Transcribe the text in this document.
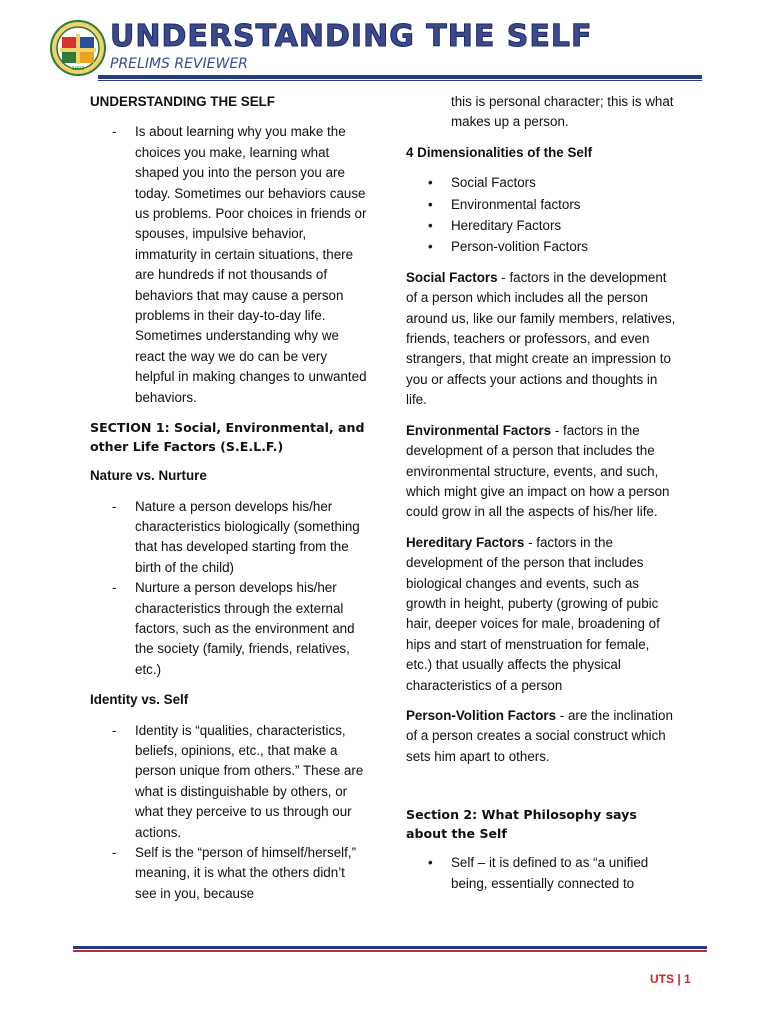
1993
UNDERSTANDING THE SELF
PRELIMS REVIEWER
UNDERSTANDING THE SELF
- Is about learning why you make the choices you make, learning what shaped you into the person you are today. Sometimes our behaviors cause us problems. Poor choices in friends or spouses, impulsive behavior, immaturity in certain situations, there are hundreds if not thousands of behaviors that may cause a person problems in their day-to-day life. Sometimes understanding why we react the way we do can be very helpful in making changes to unwanted behaviors.
SECTION 1: Social, Environmental, and other Life Factors (S.E.L.F.)
Nature vs. Nurture
- Nature a person develops his/her characteristics biologically (something that has developed starting from the birth of the child)
- Nurture a person develops his/her characteristics through the external factors, such as the environment and the society (family, friends, relatives, etc.)
Identity vs. Self
- Identity is “qualities, characteristics, beliefs, opinions, etc., that make a person unique from others.” These are what is distinguishable by others, or what they perceive to us through our actions.
- Self is the “person of himself/herself,” meaning, it is what the others didn’t see in you, because
this is personal character; this is what makes up a person.
4 Dimensionalities of the Self
• Social Factors
• Environmental factors
• Hereditary Factors
• Person-volition Factors

Social Factors - factors in the development of a person which includes all the person around us, like our family members, relatives, friends, teachers or professors, and even strangers, that might create an impression to you or affects your actions and thoughts in life.

Environmental Factors - factors in the development of a person that includes the environmental structure, events, and such, which might give an impact on how a person could grow in all the aspects of his/her life.

Hereditary Factors - factors in the development of the person that includes biological changes and events, such as growth in height, puberty (growing of pubic hair, deeper voices for male, broadening of hips and start of menstruation for female, etc.) that usually affects the physical characteristics of a person

Person-Volition Factors - are the inclination of a person creates a social construct which sets him apart to others.

Section 2: What Philosophy says about the Self
• Self – it is defined to as “a unified being, essentially connected to
UTS | 1
